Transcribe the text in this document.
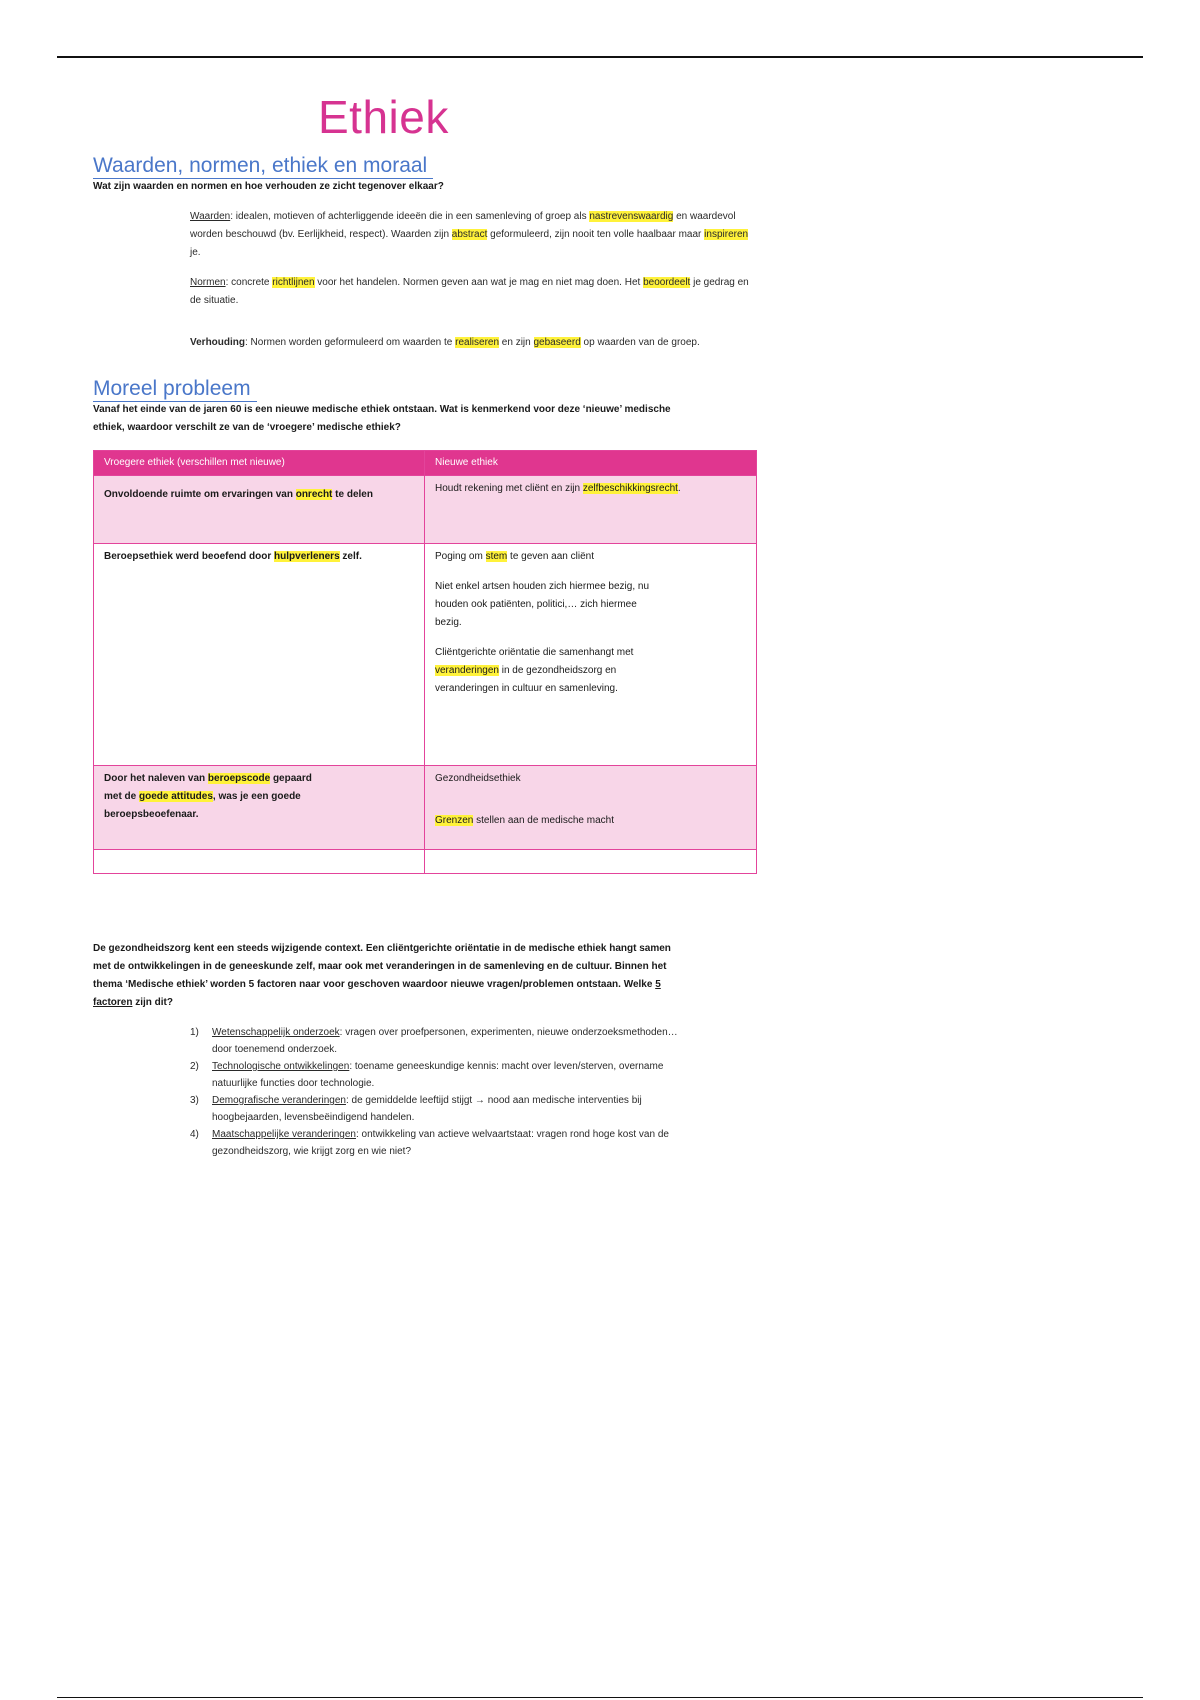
Ethiek
Waarden, normen, ethiek en moraal
Wat zijn waarden en normen en hoe verhouden ze zicht tegenover elkaar?

Waarden: idealen, motieven of achterliggende ideeën die in een samenleving of groep als nastrevenswaardig en waardevol worden beschouwd (bv. Eerlijkheid, respect). Waarden zijn abstract geformuleerd, zijn nooit ten volle haalbaar maar inspireren je.

Normen: concrete richtlijnen voor het handelen. Normen geven aan wat je mag en niet mag doen. Het beoordeelt je gedrag en de situatie.

Verhouding: Normen worden geformuleerd om waarden te realiseren en zijn gebaseerd op waarden van de groep.

Moreel probleem
Vanaf het einde van de jaren 60 is een nieuwe medische ethiek ontstaan. Wat is kenmerkend voor deze ‘nieuwe’ medische ethiek, waardoor verschilt ze van de ‘vroegere’ medische ethiek?
Vroegere ethiek (verschillen met nieuwe)	Nieuwe ethiek

Onvoldoende ruimte om ervaringen van onrecht te delen	Houdt rekening met cliënt en zijn zelfbeschikkingsrecht.
Beroepsethiek werd beoefend door hulpverleners zelf.	Poging om stem te geven aan cliënt

Niet enkel artsen houden zich hiermee bezig, nu houden ook patiënten, politici,… zich hiermee bezig.

Cliëntgerichte oriëntatie die samenhangt met veranderingen in de gezondheidszorg en veranderingen in cultuur en samenleving.

Door het naleven van beroepscode gepaard met de goede attitudes, was je een goede beroepsbeoefenaar.	Gezondheidsethiek

Grenzen stellen aan de medische macht

De gezondheidszorg kent een steeds wijzigende context. Een cliëntgerichte oriëntatie in de medische ethiek hangt samen met de ontwikkelingen in de geneeskunde zelf, maar ook met veranderingen in de samenleving en de cultuur. Binnen het thema ‘Medische ethiek’ worden 5 factoren naar voor geschoven waardoor nieuwe vragen/problemen ontstaan. Welke 5 factoren zijn dit?
1) Wetenschappelijk onderzoek: vragen over proefpersonen, experimenten, nieuwe onderzoeksmethoden… door toenemend onderzoek.
2) Technologische ontwikkelingen: toename geneeskundige kennis: macht over leven/sterven, overname natuurlijke functies door technologie.
3) Demografische veranderingen: de gemiddelde leeftijd stijgt → nood aan medische interventies bij hoogbejaarden, levensbeëindigend handelen.
4) Maatschappelijke veranderingen: ontwikkeling van actieve welvaartstaat: vragen rond hoge kost van de gezondheidszorg, wie krijgt zorg en wie niet?
